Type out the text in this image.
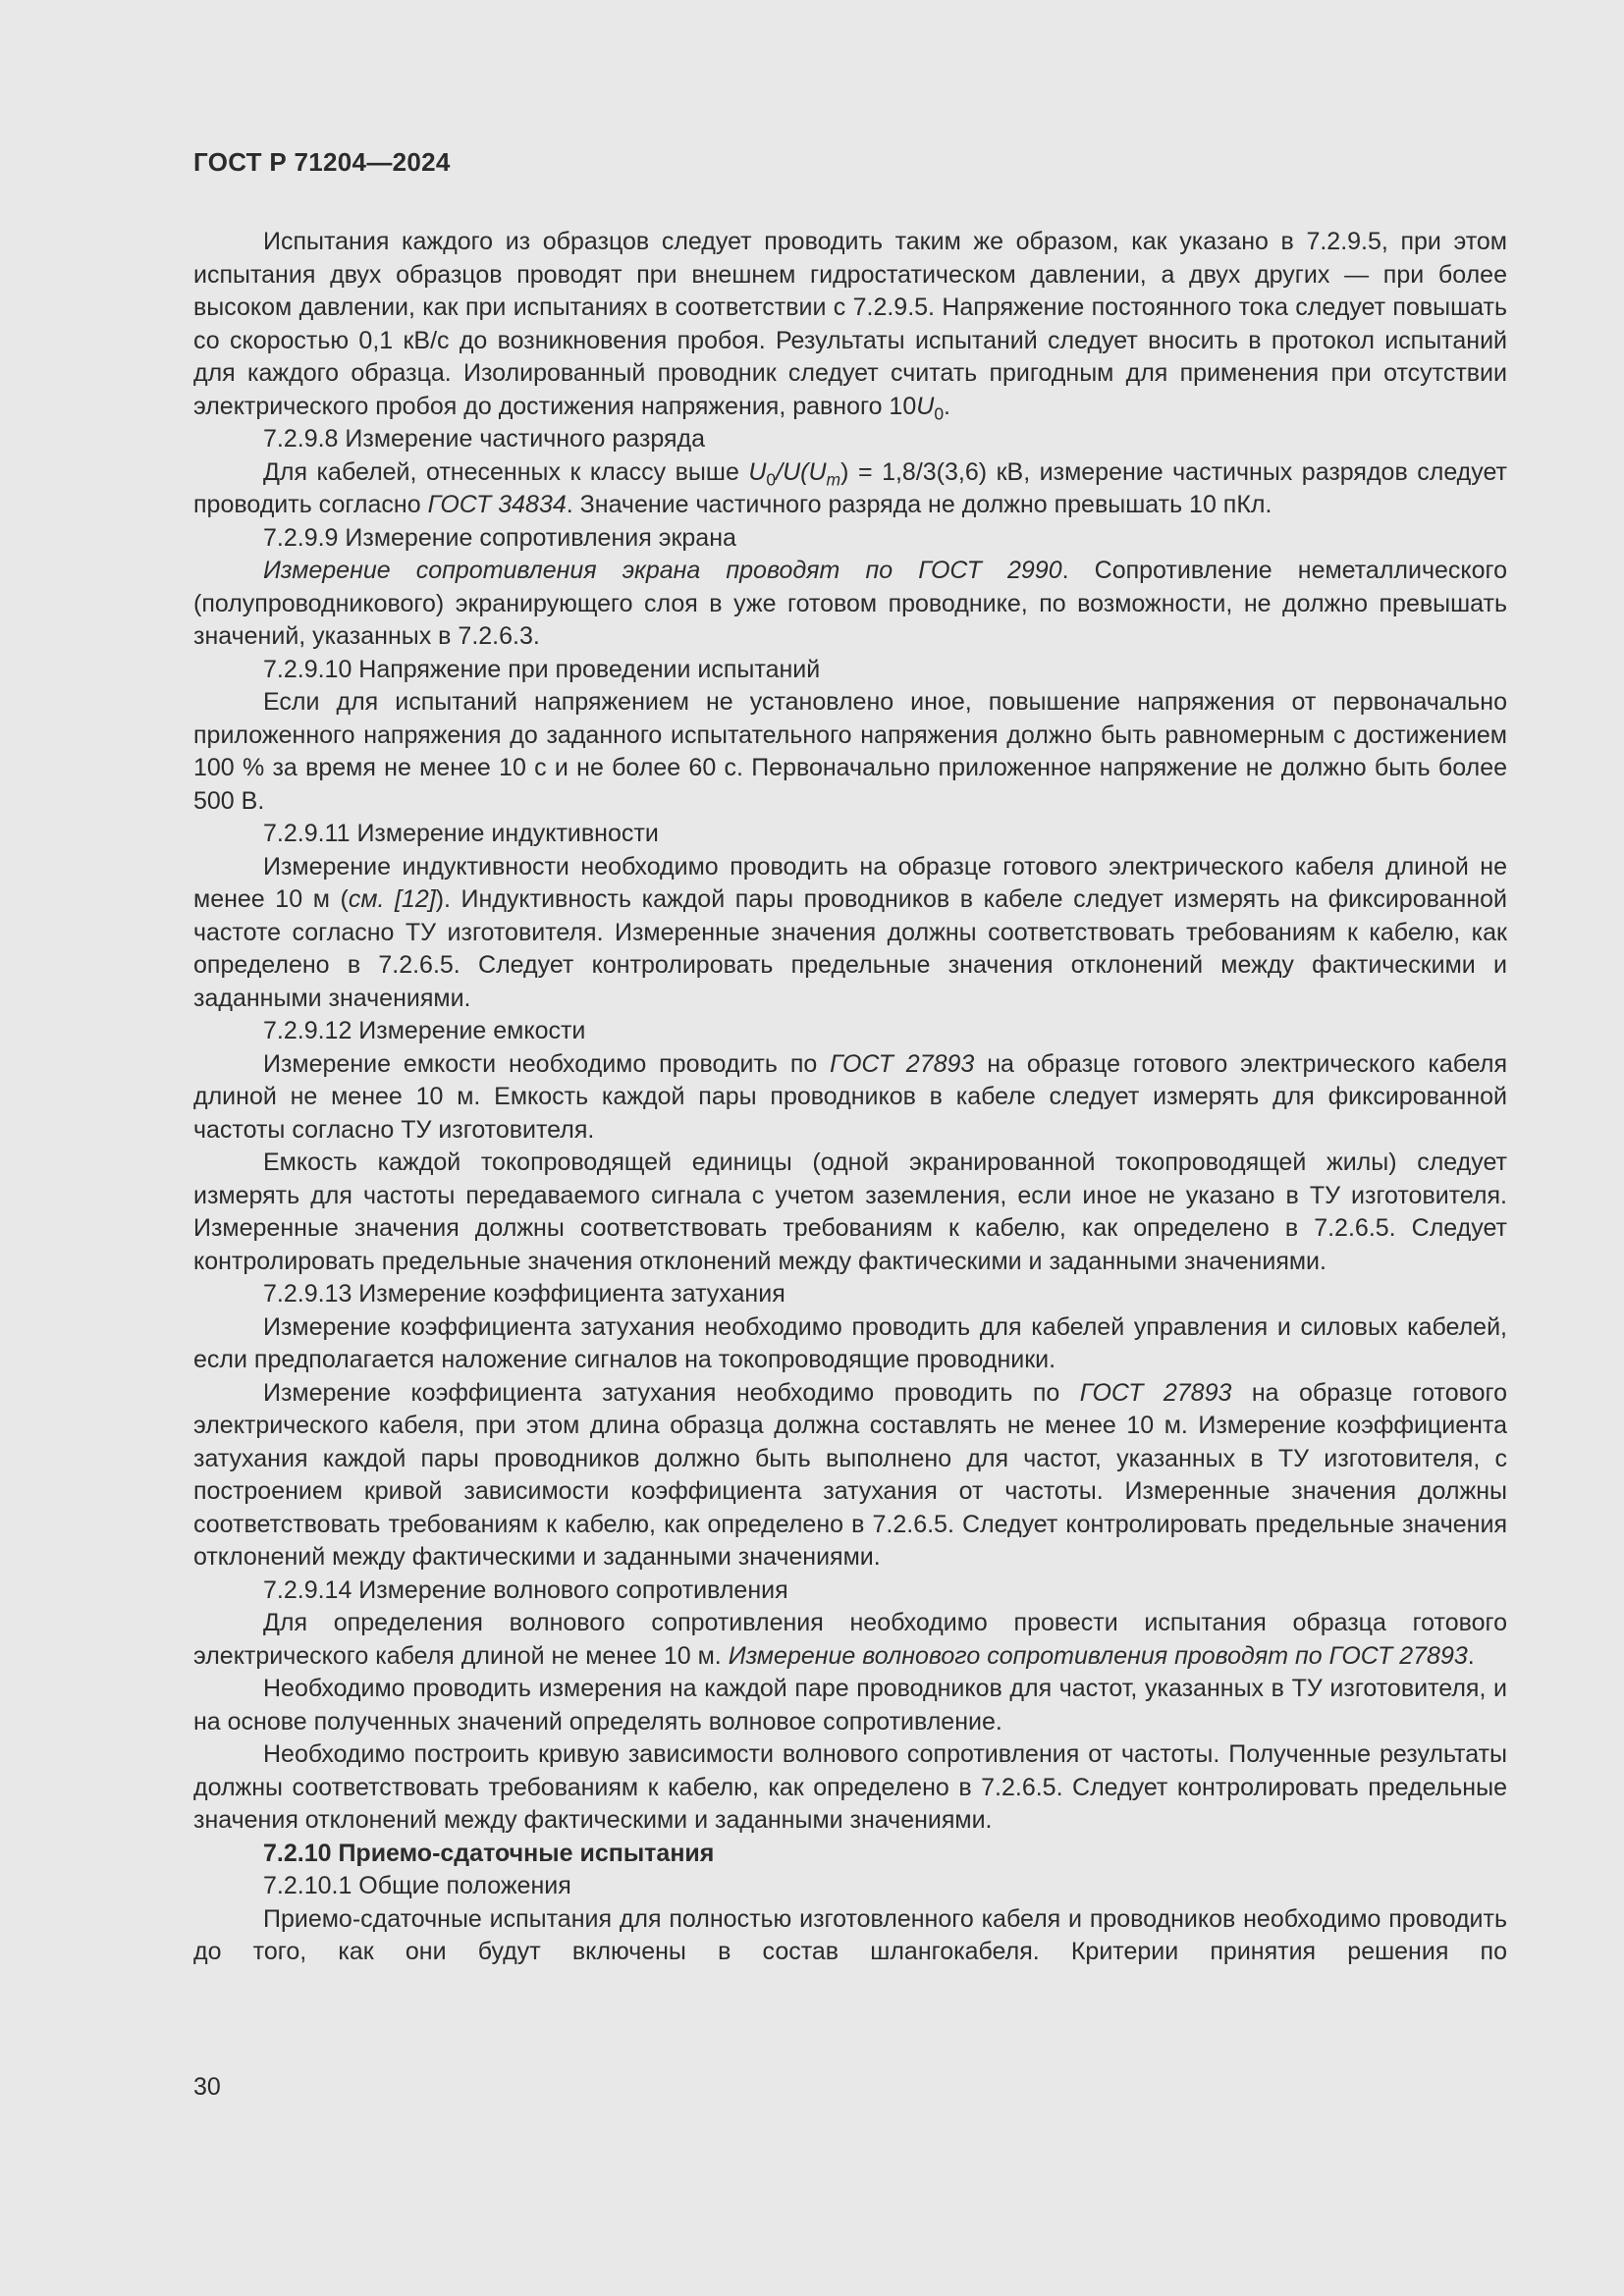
ГОСТ Р 71204—2024

Испытания каждого из образцов следует проводить таким же образом, как указано в 7.2.9.5, при этом испытания двух образцов проводят при внешнем гидростатическом давлении, а двух других — при более высоком давлении, как при испытаниях в соответствии с 7.2.9.5. Напряжение постоянного тока следует повышать со скоростью 0,1 кВ/с до возникновения пробоя. Результаты испытаний следует вносить в протокол испытаний для каждого образца. Изолированный проводник следует считать пригодным для применения при отсутствии электрического пробоя до достижения напряжения, равного $10U_0$.

7.2.9.8 Измерение частичного разряда

Для кабелей, отнесенных к классу выше $U_0/U(U_m) = 1,8/3(3,6)$ кВ, измерение частичных разрядов следует проводить согласно ГОСТ 34834. Значение частичного разряда не должно превышать 10 пКл.

7.2.9.9 Измерение сопротивления экрана

Измерение сопротивления экрана проводят по ГОСТ 2990. Сопротивление неметаллического (полупроводникового) экранирующего слоя в уже готовом проводнике, по возможности, не должно превышать значений, указанных в 7.2.6.3.

7.2.9.10 Напряжение при проведении испытаний

Если для испытаний напряжением не установлено иное, повышение напряжения от первоначально приложенного напряжения до заданного испытательного напряжения должно быть равномерным с достижением 100 % за время не менее 10 с и не более 60 с. Первоначально приложенное напряжение не должно быть более 500 В.

7.2.9.11 Измерение индуктивности

Измерение индуктивности необходимо проводить на образце готового электрического кабеля длиной не менее 10 м (см. [12]). Индуктивность каждой пары проводников в кабеле следует измерять на фиксированной частоте согласно ТУ изготовителя. Измеренные значения должны соответствовать требованиям к кабелю, как определено в 7.2.6.5. Следует контролировать предельные значения отклонений между фактическими и заданными значениями.

7.2.9.12 Измерение емкости

Измерение емкости необходимо проводить по ГОСТ 27893 на образце готового электрического кабеля длиной не менее 10 м. Емкость каждой пары проводников в кабеле следует измерять для фиксированной частоты согласно ТУ изготовителя.

Емкость каждой токопроводящей единицы (одной экранированной токопроводящей жилы) следует измерять для частоты передаваемого сигнала с учетом заземления, если иное не указано в ТУ изготовителя. Измеренные значения должны соответствовать требованиям к кабелю, как определено в 7.2.6.5. Следует контролировать предельные значения отклонений между фактическими и заданными значениями.

7.2.9.13 Измерение коэффициента затухания

Измерение коэффициента затухания необходимо проводить для кабелей управления и силовых кабелей, если предполагается наложение сигналов на токопроводящие проводники.

Измерение коэффициента затухания необходимо проводить по ГОСТ 27893 на образце готового электрического кабеля, при этом длина образца должна составлять не менее 10 м. Измерение коэффициента затухания каждой пары проводников должно быть выполнено для частот, указанных в ТУ изготовителя, с построением кривой зависимости коэффициента затухания от частоты. Измеренные значения должны соответствовать требованиям к кабелю, как определено в 7.2.6.5. Следует контролировать предельные значения отклонений между фактическими и заданными значениями.

7.2.9.14 Измерение волнового сопротивления

Для определения волнового сопротивления необходимо провести испытания образца готового электрического кабеля длиной не менее 10 м. Измерение волнового сопротивления проводят по ГОСТ 27893.

Необходимо проводить измерения на каждой паре проводников для частот, указанных в ТУ изготовителя, и на основе полученных значений определять волновое сопротивление.

Необходимо построить кривую зависимости волнового сопротивления от частоты. Полученные результаты должны соответствовать требованиям к кабелю, как определено в 7.2.6.5. Следует контролировать предельные значения отклонений между фактическими и заданными значениями.

7.2.10 Приемо-сдаточные испытания

7.2.10.1 Общие положения

Приемо-сдаточные испытания для полностью изготовленного кабеля и проводников необходимо проводить до того, как они будут включены в состав шлангокабеля. Критерии принятия решения по

30
